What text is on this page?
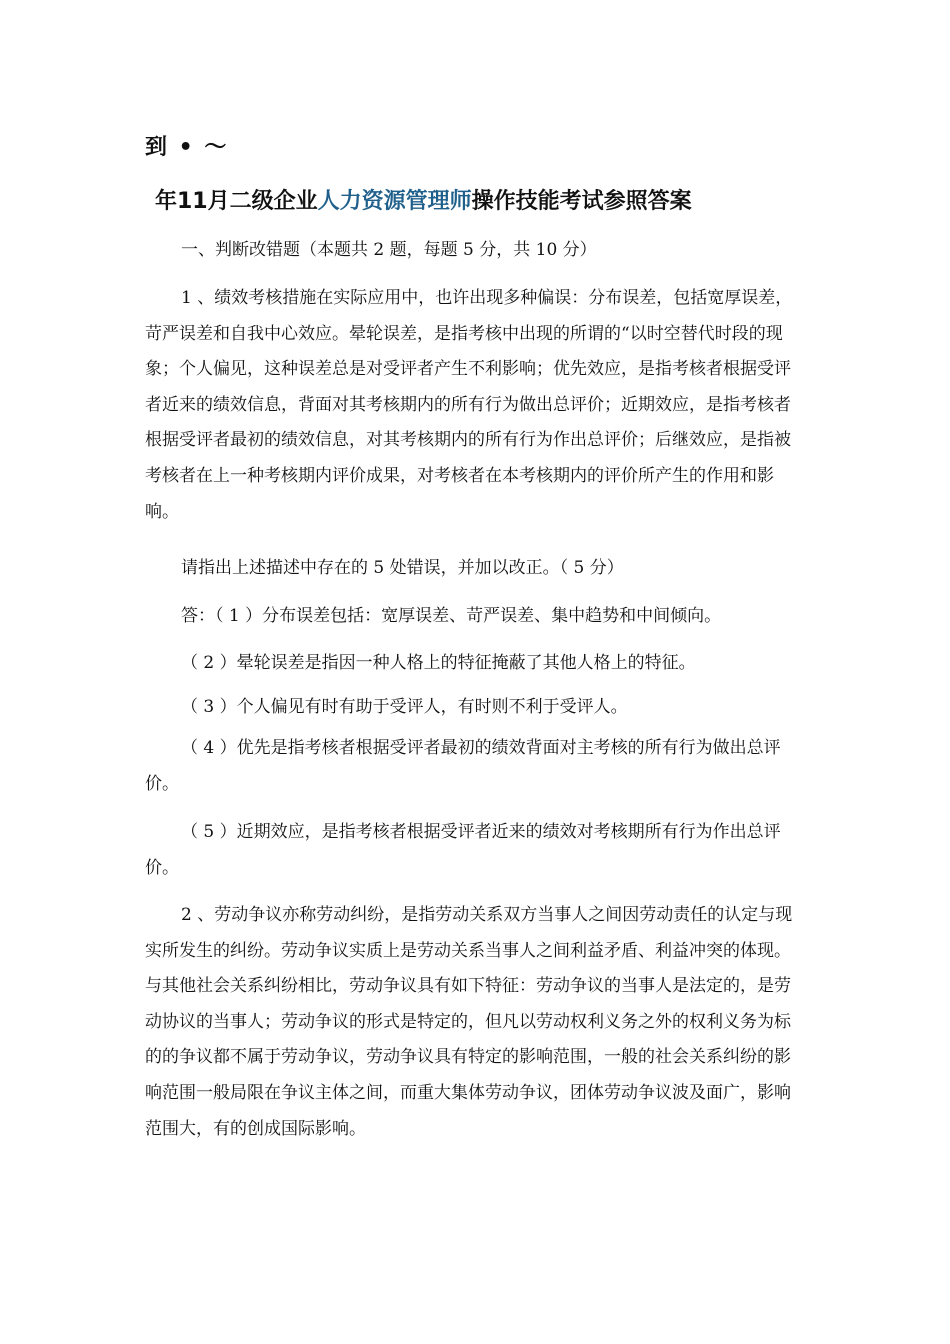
到 • ～
年11月二级企业人力资源管理师操作技能考试参照答案
一、判断改错题（本题共 2 题，每题 5 分，共 10 分）
1 、绩效考核措施在实际应用中，也许出现多种偏误：分布误差，包括宽厚误差，苛严误差和自我中心效应。晕轮误差，是指考核中出现的所谓的“以时空替代时段的现象；个人偏见，这种误差总是对受评者产生不利影响；优先效应，是指考核者根据受评者近来的绩效信息，背面对其考核期内的所有行为做出总评价；近期效应，是指考核者根据受评者最初的绩效信息，对其考核期内的所有行为作出总评价；后继效应，是指被考核者在上一种考核期内评价成果，对考核者在本考核期内的评价所产生的作用和影响。
请指出上述描述中存在的 5 处错误，并加以改正。（ 5 分）
答：（ 1 ）分布误差包括：宽厚误差、苛严误差、集中趋势和中间倾向。
（ 2 ）晕轮误差是指因一种人格上的特征掩蔽了其他人格上的特征。
（ 3 ）个人偏见有时有助于受评人，有时则不利于受评人。
（ 4 ）优先是指考核者根据受评者最初的绩效背面对主考核的所有行为做出总评价。
（ 5 ）近期效应，是指考核者根据受评者近来的绩效对考核期所有行为作出总评价。
2 、劳动争议亦称劳动纠纷，是指劳动关系双方当事人之间因劳动责任的认定与现实所发生的纠纷。劳动争议实质上是劳动关系当事人之间利益矛盾、利益冲突的体现。与其他社会关系纠纷相比，劳动争议具有如下特征：劳动争议的当事人是法定的，是劳动协议的当事人；劳动争议的形式是特定的，但凡以劳动权利义务之外的权利义务为标的的争议都不属于劳动争议，劳动争议具有特定的影响范围，一般的社会关系纠纷的影响范围一般局限在争议主体之间，而重大集体劳动争议，团体劳动争议波及面广，影响范围大，有的创成国际影响。
